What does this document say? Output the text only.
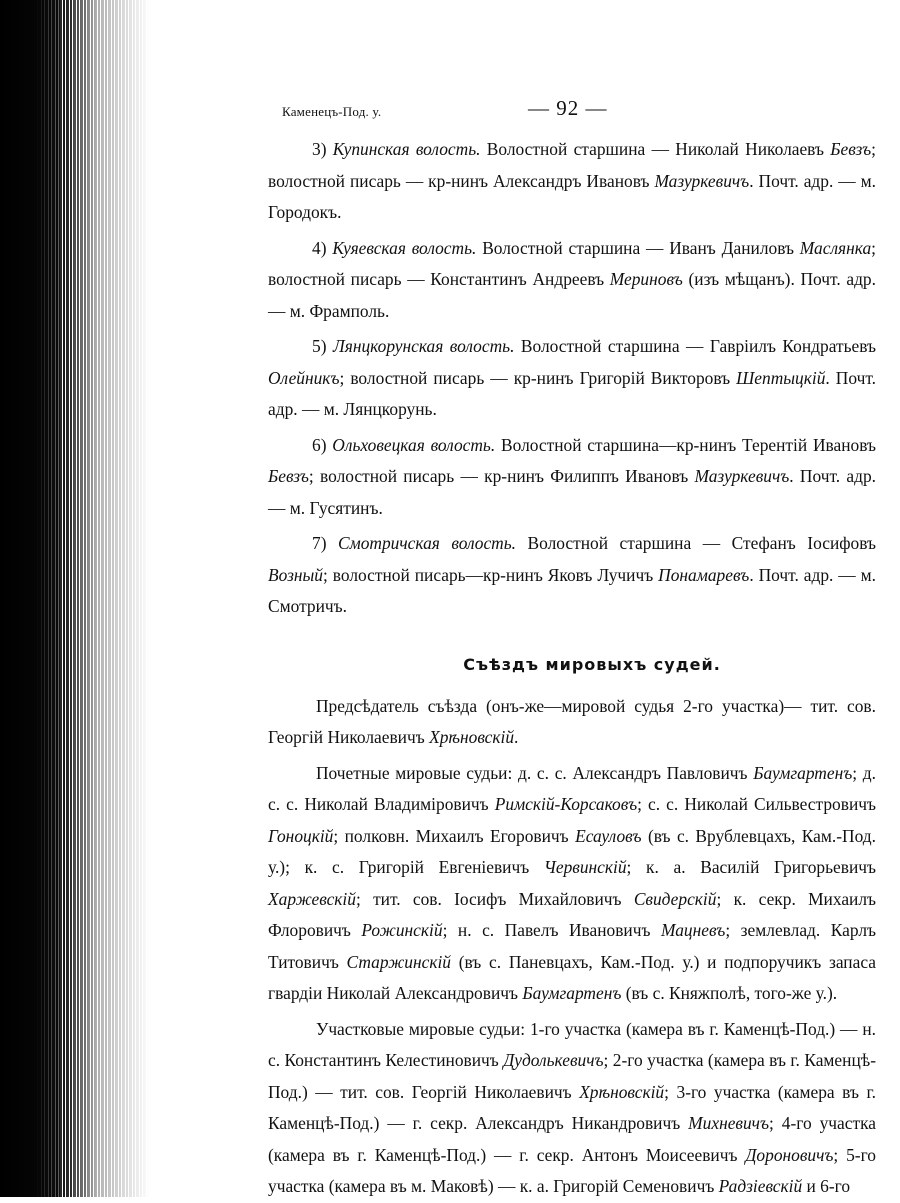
Каменецъ-Под. у.	— 92 —

3) Купинская волость. Волостной старшина — Николай Николаевъ Бевзъ; волостной писарь — кр-нинъ Александръ Ивановъ Мазуркевичъ. Почт. адр. — м. Городокъ.

4) Куяевская волость. Волостной старшина — Иванъ Даниловъ Маслянка; волостной писарь — Константинъ Андреевъ Мериновъ (изъ мѣщанъ). Почт. адр. — м. Фрамполь.

5) Лянцкорунская волость. Волостной старшина — Гавріилъ Кондратьевъ Олейникъ; волостной писарь — кр-нинъ Григорій Викторовъ Шептыцкій. Почт. адр. — м. Лянцкорунь.

6) Ольховецкая волость. Волостной старшина—кр-нинъ Терентій Ивановъ Бевзъ; волостной писарь — кр-нинъ Филиппъ Ивановъ Мазуркевичъ. Почт. адр. — м. Гусятинъ.

7) Смотричская волость. Волостной старшина — Стефанъ Іосифовъ Возный; волостной писарь—кр-нинъ Яковъ Лучичъ Понамаревъ. Почт. адр. — м. Смотричъ.

Съѣздъ мировыхъ судей.

Предсѣдатель съѣзда (онъ-же—мировой судья 2-го участка)— тит. сов. Георгій Николаевичъ Хрѣновскій.

Почетные мировые судьи: д. с. с. Александръ Павловичъ Баумгартенъ; д. с. с. Николай Владиміровичъ Римскій-Корсаковъ; с. с. Николай Сильвестровичъ Гоноцкій; полковн. Михаилъ Егоровичъ Есауловъ (въ с. Врублевцахъ, Кам.-Под. у.); к. с. Григорій Евгеніевичъ Червинскій; к. а. Василій Григорьевичъ Харжевскій; тит. сов. Іосифъ Михайловичъ Свидерскій; к. секр. Михаилъ Флоровичъ Рожинскій; н. с. Павелъ Ивановичъ Мацневъ; землевлад. Карлъ Титовичъ Старжинскій (въ с. Паневцахъ, Кам.-Под. у.) и подпоручикъ запаса гвардіи Николай Александровичъ Баумгартенъ (въ с. Княжполѣ, того-же у.).

Участковые мировые судьи: 1-го участка (камера въ г. Каменцѣ-Под.) — н. с. Константинъ Келестиновичъ Дудолькевичъ; 2-го участка (камера въ г. Каменцѣ-Под.) — тит. сов. Георгій Николаевичъ Хрѣновскій; 3-го участка (камера въ г. Каменцѣ-Под.) — г. секр. Александръ Никандровичъ Михневичъ; 4-го участка (камера въ г. Каменцѣ-Под.) — г. секр. Антонъ Моисеевичъ Дороновичъ; 5-го участка (камера въ м. Маковѣ) — к. а. Григорій Семеновичъ Радзіевскій и 6-го
